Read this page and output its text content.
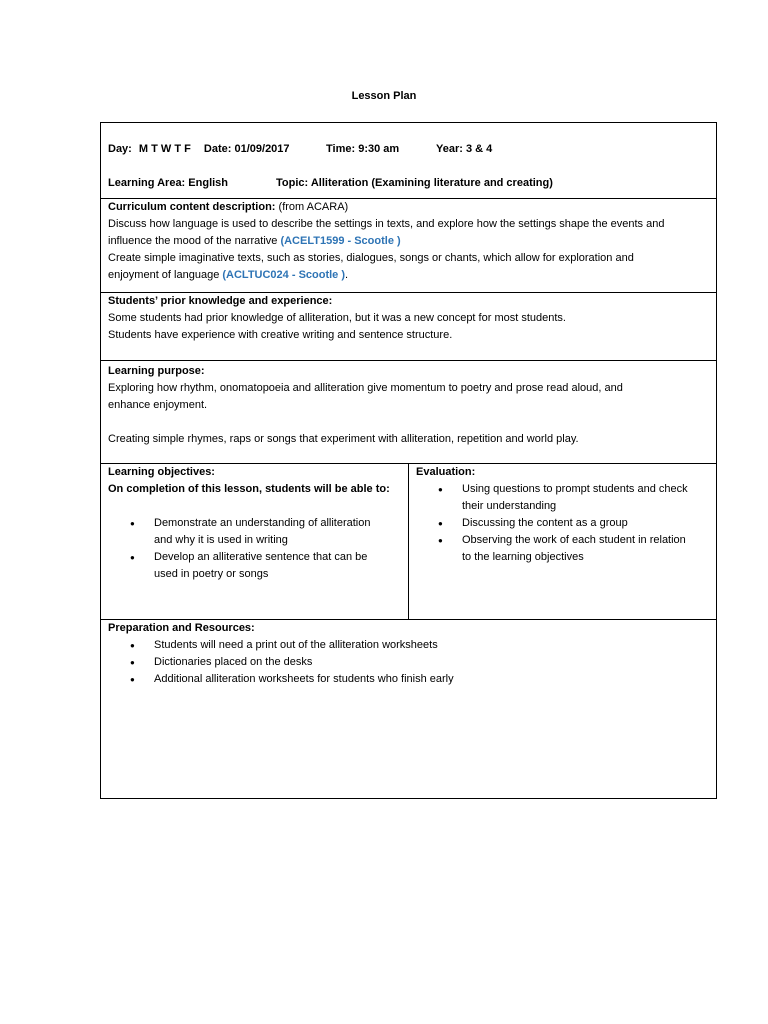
Lesson Plan
Day: M T W T F Date: 01/09/2017	Time: 9:30 am	Year: 3 & 4
Learning Area: English	Topic: Alliteration (Examining literature and creating)
Curriculum content description: (from ACARA)
Discuss how language is used to describe the settings in texts, and explore how the settings shape the events and
influence the mood of the narrative (ACELT1599 - Scootle )
Create simple imaginative texts, such as stories, dialogues, songs or chants, which allow for exploration and
enjoyment of language (ACLTUC024 - Scootle ).
Students’ prior knowledge and experience:
Some students had prior knowledge of alliteration, but it was a new concept for most students.
Students have experience with creative writing and sentence structure.
Learning purpose:
Exploring how rhythm, onomatopoeia and alliteration give momentum to poetry and prose read aloud, and
enhance enjoyment.
Creating simple rhymes, raps or songs that experiment with alliteration, repetition and world play.
Learning objectives:
On completion of this lesson, students will be able to:
● Demonstrate an understanding of alliteration
and why it is used in writing
● Develop an alliterative sentence that can be
used in poetry or songs
Evaluation:
● Using questions to prompt students and check
their understanding
● Discussing the content as a group
● Observing the work of each student in relation
to the learning objectives
Preparation and Resources:
● Students will need a print out of the alliteration worksheets
● Dictionaries placed on the desks
● Additional alliteration worksheets for students who finish early
